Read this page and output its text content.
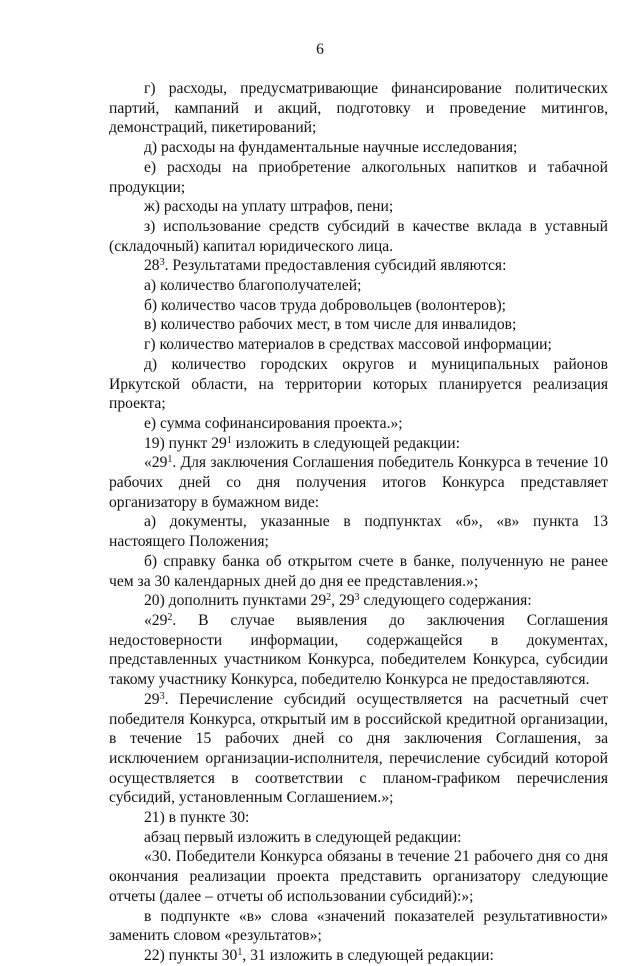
6

г) расходы, предусматривающие финансирование политических партий, кампаний и акций, подготовку и проведение митингов, демонстраций, пикетирований;

д) расходы на фундаментальные научные исследования;

е) расходы на приобретение алкогольных напитков и табачной продукции;

ж) расходы на уплату штрафов, пени;

з) использование средств субсидий в качестве вклада в уставный (складочный) капитал юридического лица.

$28^3$. Результатами предоставления субсидий являются:

а) количество благополучателей;

б) количество часов труда добровольцев (волонтеров);

в) количество рабочих мест, в том числе для инвалидов;

г) количество материалов в средствах массовой информации;

д) количество городских округов и муниципальных районов Иркутской области, на территории которых планируется реализация проекта;

е) сумма софинансирования проекта.»;

19) пункт $29^1$ изложить в следующей редакции:

«$29^1$. Для заключения Соглашения победитель Конкурса в течение 10 рабочих дней со дня получения итогов Конкурса представляет организатору в бумажном виде:

а) документы, указанные в подпунктах «б», «в» пункта 13 настоящего Положения;

б) справку банка об открытом счете в банке, полученную не ранее чем за 30 календарных дней до дня ее представления.»;

20) дополнить пунктами $29^2$, $29^3$ следующего содержания:

«$29^2$. В случае выявления до заключения Соглашения недостоверности информации, содержащейся в документах, представленных участником Конкурса, победителем Конкурса, субсидии такому участнику Конкурса, победителю Конкурса не предоставляются.

$29^3$. Перечисление субсидий осуществляется на расчетный счет победителя Конкурса, открытый им в российской кредитной организации, в течение 15 рабочих дней со дня заключения Соглашения, за исключением организации-исполнителя, перечисление субсидий которой осуществляется в соответствии с планом-графиком перечисления субсидий, установленным Соглашением.»;

21) в пункте 30:

абзац первый изложить в следующей редакции:

«30. Победители Конкурса обязаны в течение 21 рабочего дня со дня окончания реализации проекта представить организатору следующие отчеты (далее – отчеты об использовании субсидий):»;

в подпункте «в» слова «значений показателей результативности» заменить словом «результатов»;

22) пункты $30^1$, 31 изложить в следующей редакции:
